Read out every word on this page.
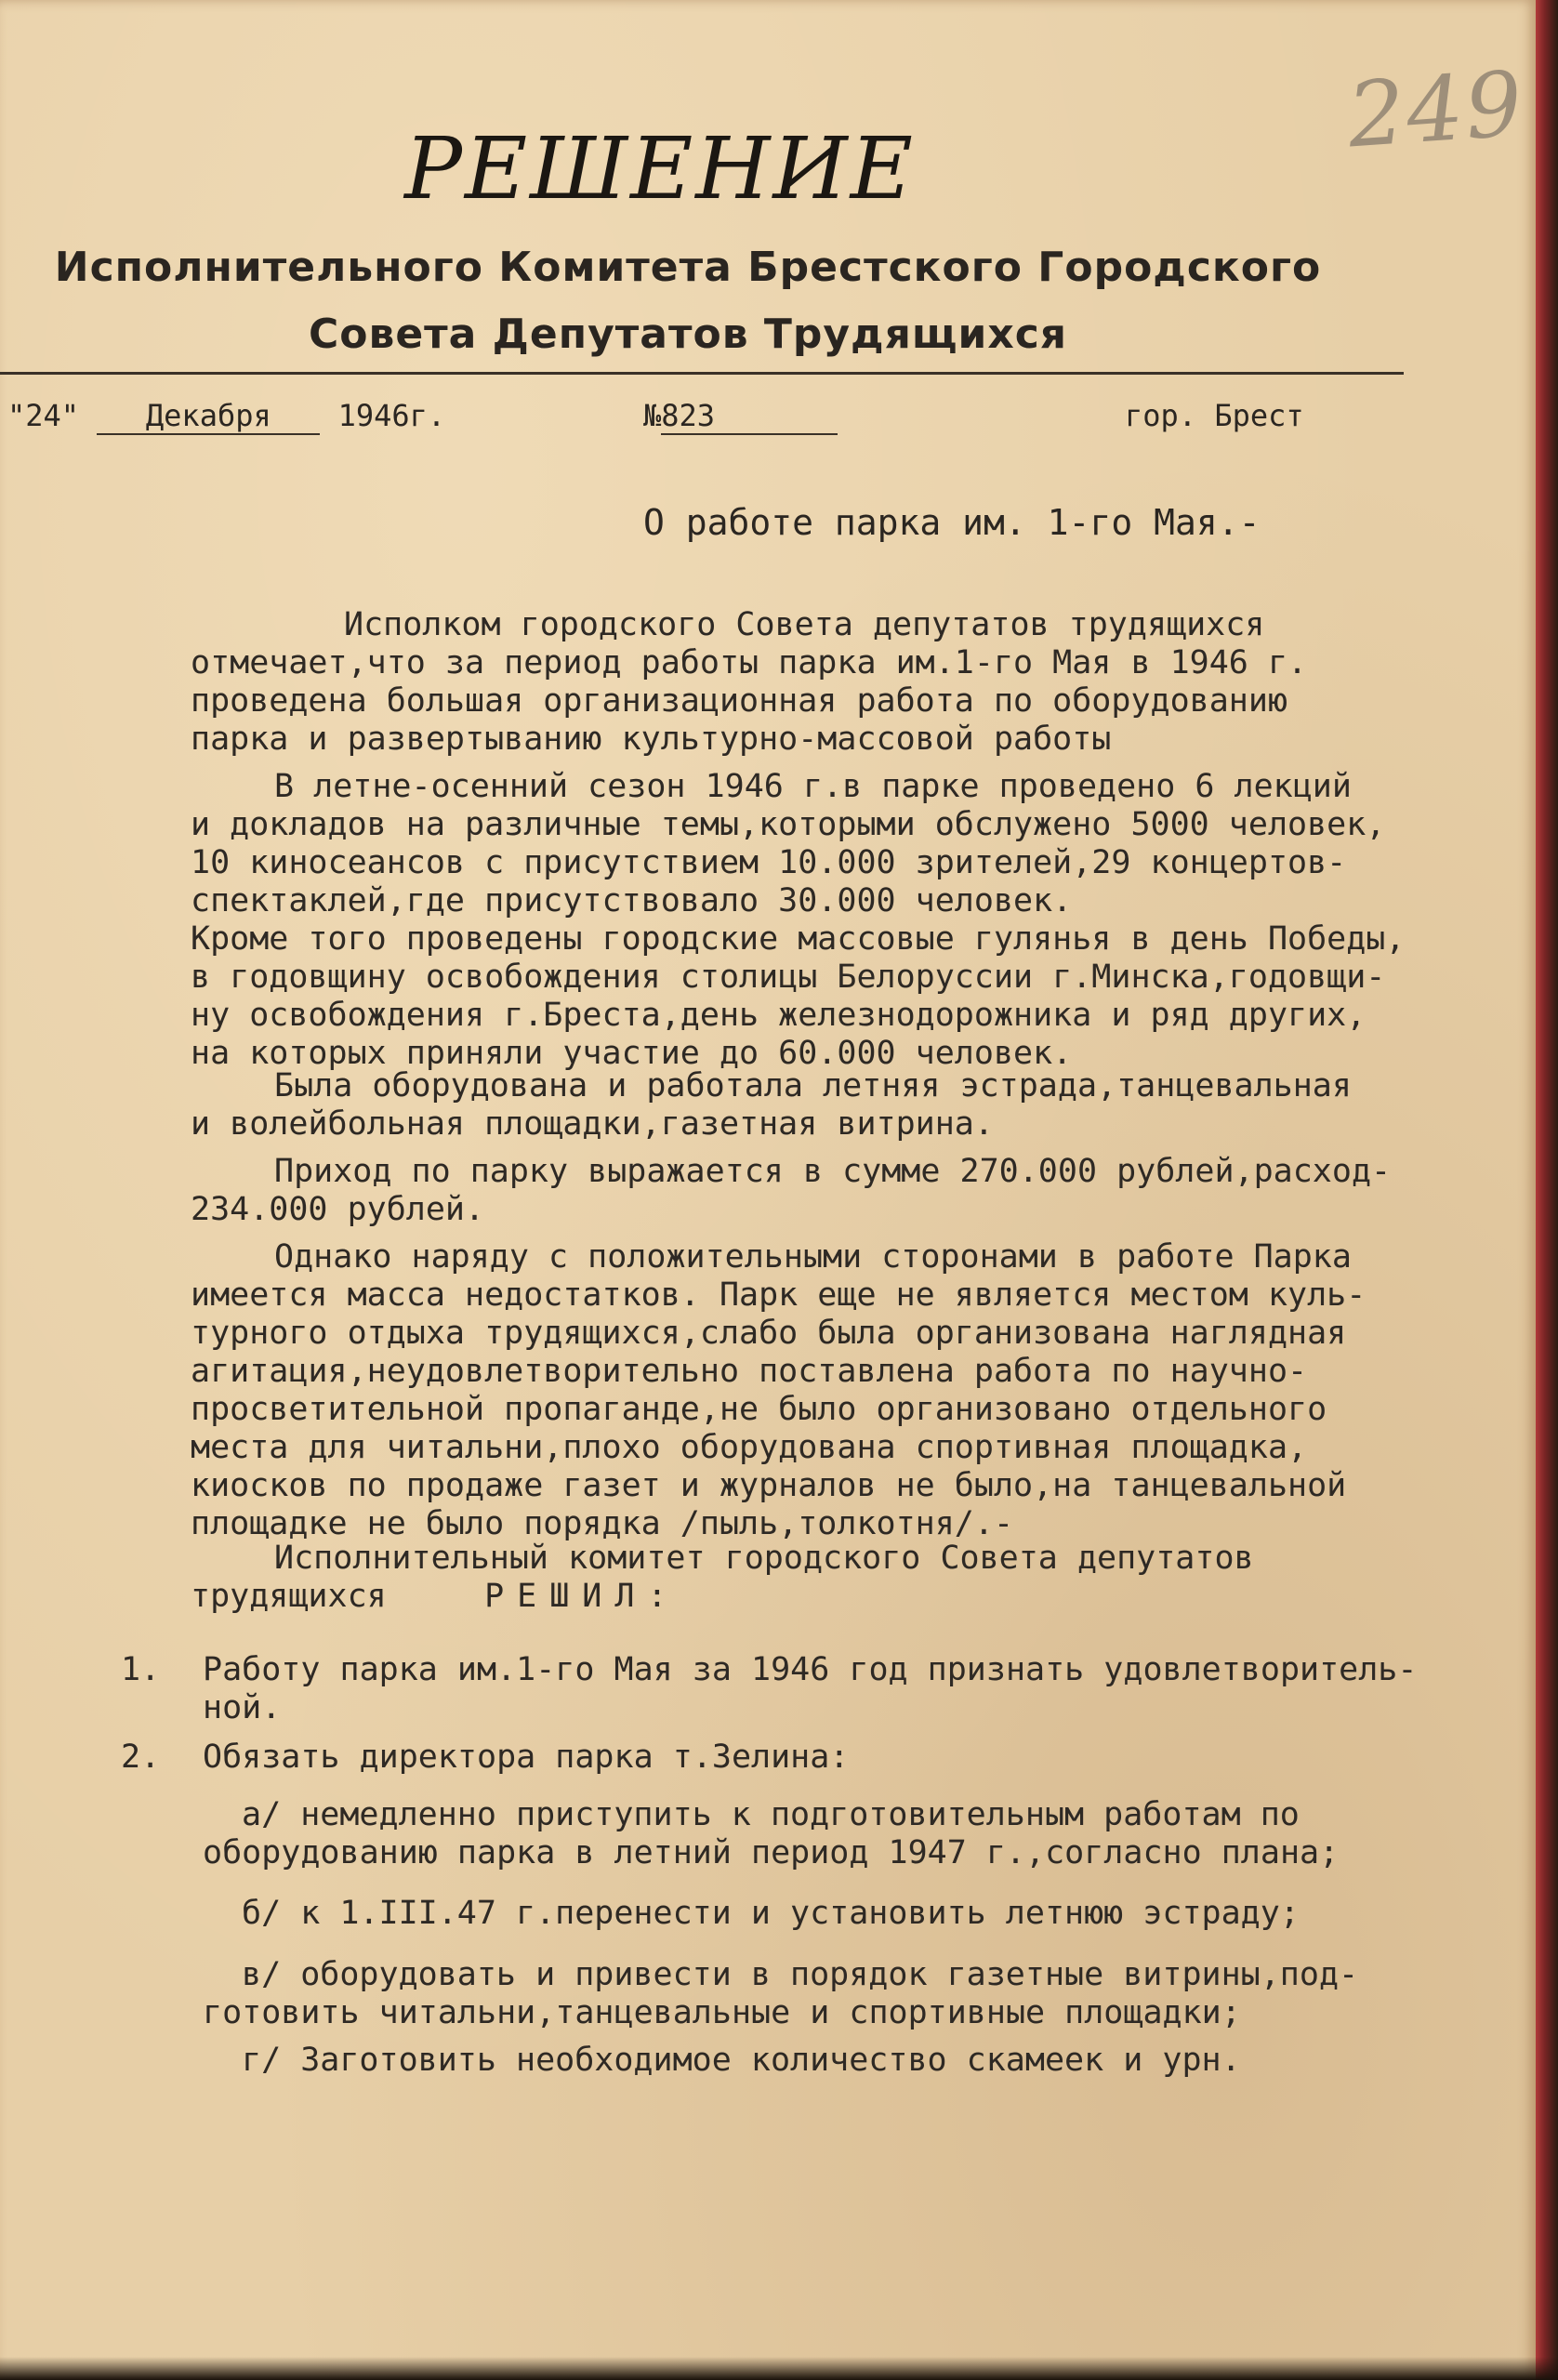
249
РЕШЕНИЕ
Исполнительного Комитета Брестского Городского
Совета Депутатов Трудящихся
"24" Декабря 1946г.	№823	гор. Брест
О работе парка им. 1-го Мая.-
Исполком городского Совета депутатов трудящихся
отмечает,что за период работы парка им.1-го Мая в 1946 г.
проведена большая организационная работа по оборудованию
парка и развертыванию культурно-массовой работы
В летне-осенний сезон 1946 г.в парке проведено 6 лекций
и докладов на различные темы,которыми обслужено 5000 человек,
10 киносеансов с присутствием 10.000 зрителей,29 концертов-
спектаклей,где присутствовало 30.000 человек.
Кроме того проведены городские массовые гулянья в день Победы,
в годовщину освобождения столицы Белоруссии г.Минска,годовщи-
ну освобождения г.Бреста,день железнодорожника и ряд других,
на которых приняли участие до 60.000 человек.
Была оборудована и работала летняя эстрада,танцевальная
и волейбольная площадки,газетная витрина.
Приход по парку выражается в сумме 270.000 рублей,расход-
234.000 рублей.
Однако наряду с положительными сторонами в работе Парка
имеется масса недостатков. Парк еще не является местом куль-
турного отдыха трудящихся,слабо была организована наглядная
агитация,неудовлетворительно поставлена работа по научно-
просветительной пропаганде,не было организовано отдельного
места для читальни,плохо оборудована спортивная площадка,
киосков по продаже газет и журналов не было,на танцевальной
площадке не было порядка /пыль,толкотня/.-
Исполнительный комитет городского Совета депутатов
трудящихся	РЕШИЛ:
1. Работу парка им.1-го Мая за 1946 год признать удовлетворитель-
ной.
2. Обязать директора парка т.Зелина:
а/ немедленно приступить к подготовительным работам по
оборудованию парка в летний период 1947 г.,согласно плана;
б/ к 1.III.47 г.перенести и установить летнюю эстраду;
в/ оборудовать и привести в порядок газетные витрины,под-
готовить читальни,танцевальные и спортивные площадки;
г/ Заготовить необходимое количество скамеек и урн.
